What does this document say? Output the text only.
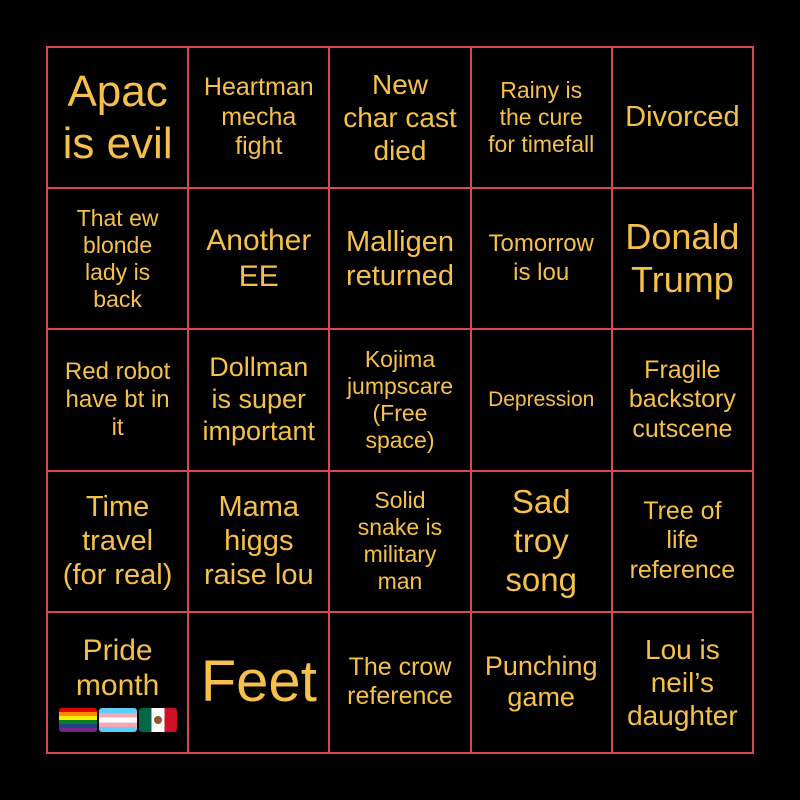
Apac
is evil
Heartman
mecha
fight
New
char cast
died
Rainy is
the cure
for timefall
Divorced
That ew
blonde
lady is
back
Another
EE
Malligen
returned
Tomorrow
is lou
Donald
Trump
Red robot
have bt in
it
Dollman
is super
important
Kojima
jumpscare
(Free
space)
Depression
Fragile
backstory
cutscene
Time
travel
(for real)
Mama
higgs
raise lou
Solid
snake is
military
man
Sad
troy
song
Tree of
life
reference
Pride
month Feet The crow
reference
Punching
game
Lou is
neil’s
daughter
